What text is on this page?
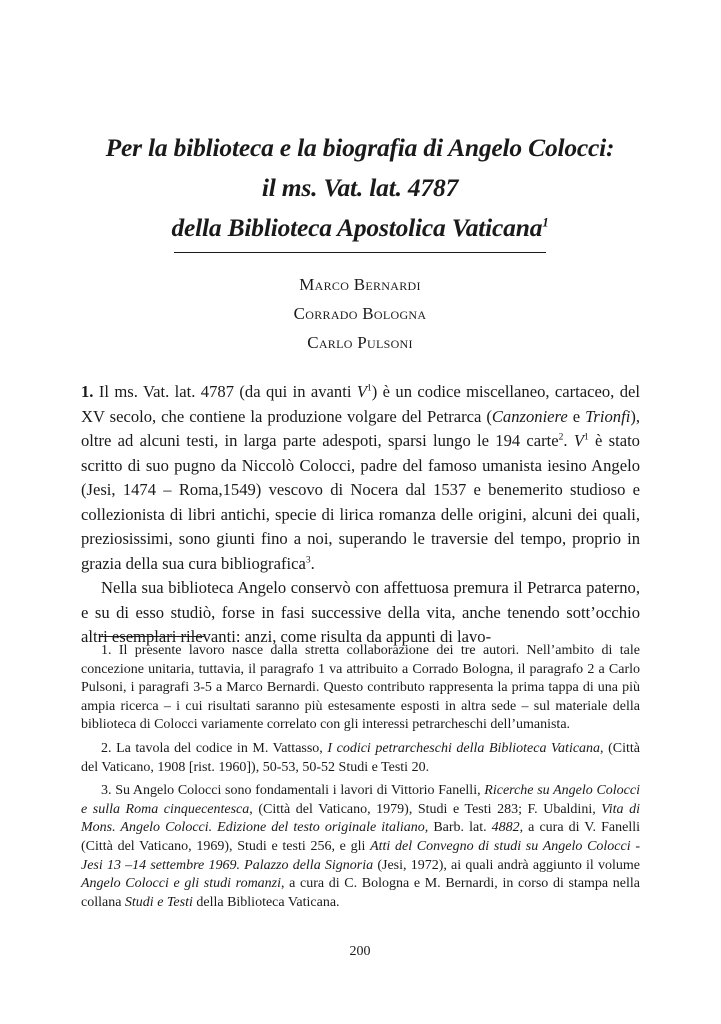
Per la biblioteca e la biografia di Angelo Colocci:
il ms. Vat. lat. 4787
della Biblioteca Apostolica Vaticana$^1$
Marco Bernardi
Corrado Bologna
Carlo Pulsoni

1. Il ms. Vat. lat. 4787 (da qui in avanti $V^1$) è un codice miscellaneo, cartaceo, del XV secolo, che contiene la produzione volgare del Petrarca (Canzoniere e Trionfi), oltre ad alcuni testi, in larga parte adespoti, sparsi lungo le 194 carte$^2$. $V^1$ è stato scritto di suo pugno da Niccolò Colocci, padre del famoso umanista iesino Angelo (Jesi, 1474 – Roma,1549) vescovo di Nocera dal 1537 e benemerito studioso e collezionista di libri antichi, specie di lirica romanza delle origini, alcuni dei quali, preziosissimi, sono giunti fino a noi, superando le traversie del tempo, proprio in grazia della sua cura bibliografica$^3$.

Nella sua biblioteca Angelo conservò con affettuosa premura il Petrarca paterno, e su di esso studiò, forse in fasi successive della vita, anche tenendo sott’occhio altri esemplari rilevanti: anzi, come risulta da appunti di lavo-

1. Il presente lavoro nasce dalla stretta collaborazione dei tre autori. Nell’ambito di tale concezione unitaria, tuttavia, il paragrafo 1 va attribuito a Corrado Bologna, il paragrafo 2 a Carlo Pulsoni, i paragrafi 3-5 a Marco Bernardi. Questo contributo rappresenta la prima tappa di una più ampia ricerca – i cui risultati saranno più estesamente esposti in altra sede – sul materiale della biblioteca di Colocci variamente correlato con gli interessi petrarcheschi dell’umanista.

2. La tavola del codice in M. Vattasso, I codici petrarcheschi della Biblioteca Vaticana, (Città del Vaticano, 1908 [rist. 1960]), 50-53, 50-52 Studi e Testi 20.

3. Su Angelo Colocci sono fondamentali i lavori di Vittorio Fanelli, Ricerche su Angelo Colocci e sulla Roma cinquecentesca, (Città del Vaticano, 1979), Studi e Testi 283; F. Ubaldini, Vita di Mons. Angelo Colocci. Edizione del testo originale italiano, Barb. lat. 4882, a cura di V. Fanelli (Città del Vaticano, 1969), Studi e testi 256, e gli Atti del Convegno di studi su Angelo Colocci - Jesi 13 –14 settembre 1969. Palazzo della Signoria (Jesi, 1972), ai quali andrà aggiunto il volume Angelo Colocci e gli studi romanzi, a cura di C. Bologna e M. Bernardi, in corso di stampa nella collana Studi e Testi della Biblioteca Vaticana.

200
